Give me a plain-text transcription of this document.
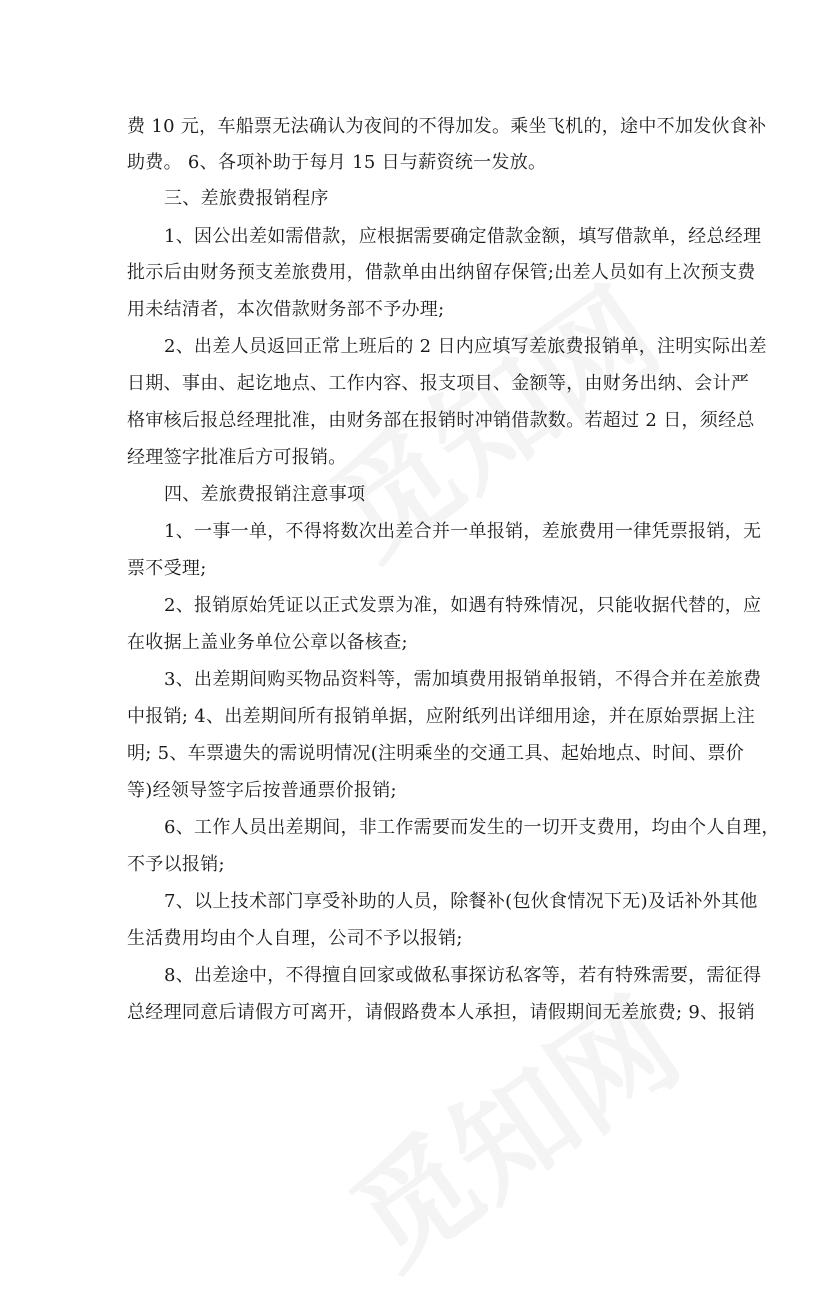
费 10 元，车船票无法确认为夜间的不得加发。乘坐飞机的，途中不加发伙食补
助费。 6、各项补助于每月 15 日与薪资统一发放。
三、差旅费报销程序
1、因公出差如需借款，应根据需要确定借款金额，填写借款单，经总经理
批示后由财务预支差旅费用，借款单由出纳留存保管;出差人员如有上次预支费
用未结清者，本次借款财务部不予办理;
2、出差人员返回正常上班后的 2 日内应填写差旅费报销单，注明实际出差
日期、事由、起讫地点、工作内容、报支项目、金额等，由财务出纳、会计严
格审核后报总经理批准，由财务部在报销时冲销借款数。若超过 2 日，须经总
经理签字批准后方可报销。
四、差旅费报销注意事项
1、一事一单，不得将数次出差合并一单报销，差旅费用一律凭票报销，无
票不受理;
2、报销原始凭证以正式发票为准，如遇有特殊情况，只能收据代替的，应
在收据上盖业务单位公章以备核查;
3、出差期间购买物品资料等，需加填费用报销单报销，不得合并在差旅费
中报销; 4、出差期间所有报销单据，应附纸列出详细用途，并在原始票据上注
明; 5、车票遗失的需说明情况(注明乘坐的交通工具、起始地点、时间、票价
等)经领导签字后按普通票价报销;
6、工作人员出差期间，非工作需要而发生的一切开支费用，均由个人自理，
不予以报销;
7、以上技术部门享受补助的人员，除餐补(包伙食情况下无)及话补外其他
生活费用均由个人自理，公司不予以报销;
8、出差途中，不得擅自回家或做私事探访私客等，若有特殊需要，需征得
总经理同意后请假方可离开，请假路费本人承担，请假期间无差旅费; 9、报销
